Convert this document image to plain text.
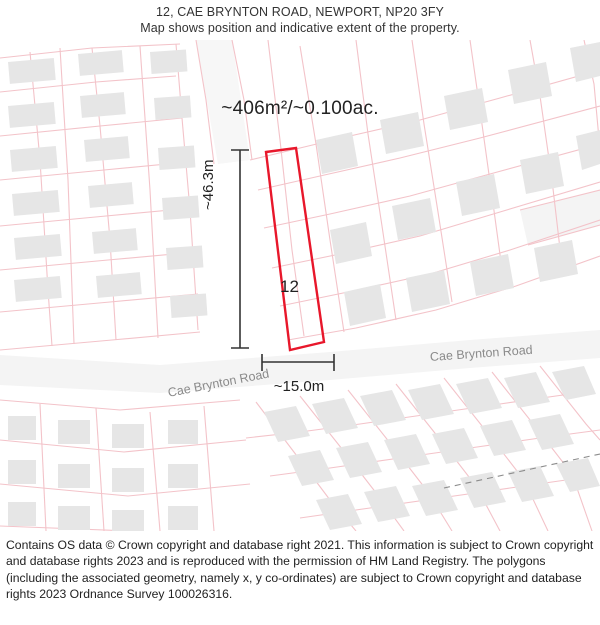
12, CAE BRYNTON ROAD, NEWPORT, NP20 3FY
Map shows position and indicative extent of the property.
~406m²/~0.100ac.
~46.3m
~15.0m
12
Cae Brynton Road
Cae Brynton Road

Contains OS data © Crown copyright and database right 2021. This information is subject to Crown copyright and database rights 2023 and is reproduced with the permission of HM Land Registry. The polygons (including the associated geometry, namely x, y co-ordinates) are subject to Crown copyright and database rights 2023 Ordnance Survey 100026316.
